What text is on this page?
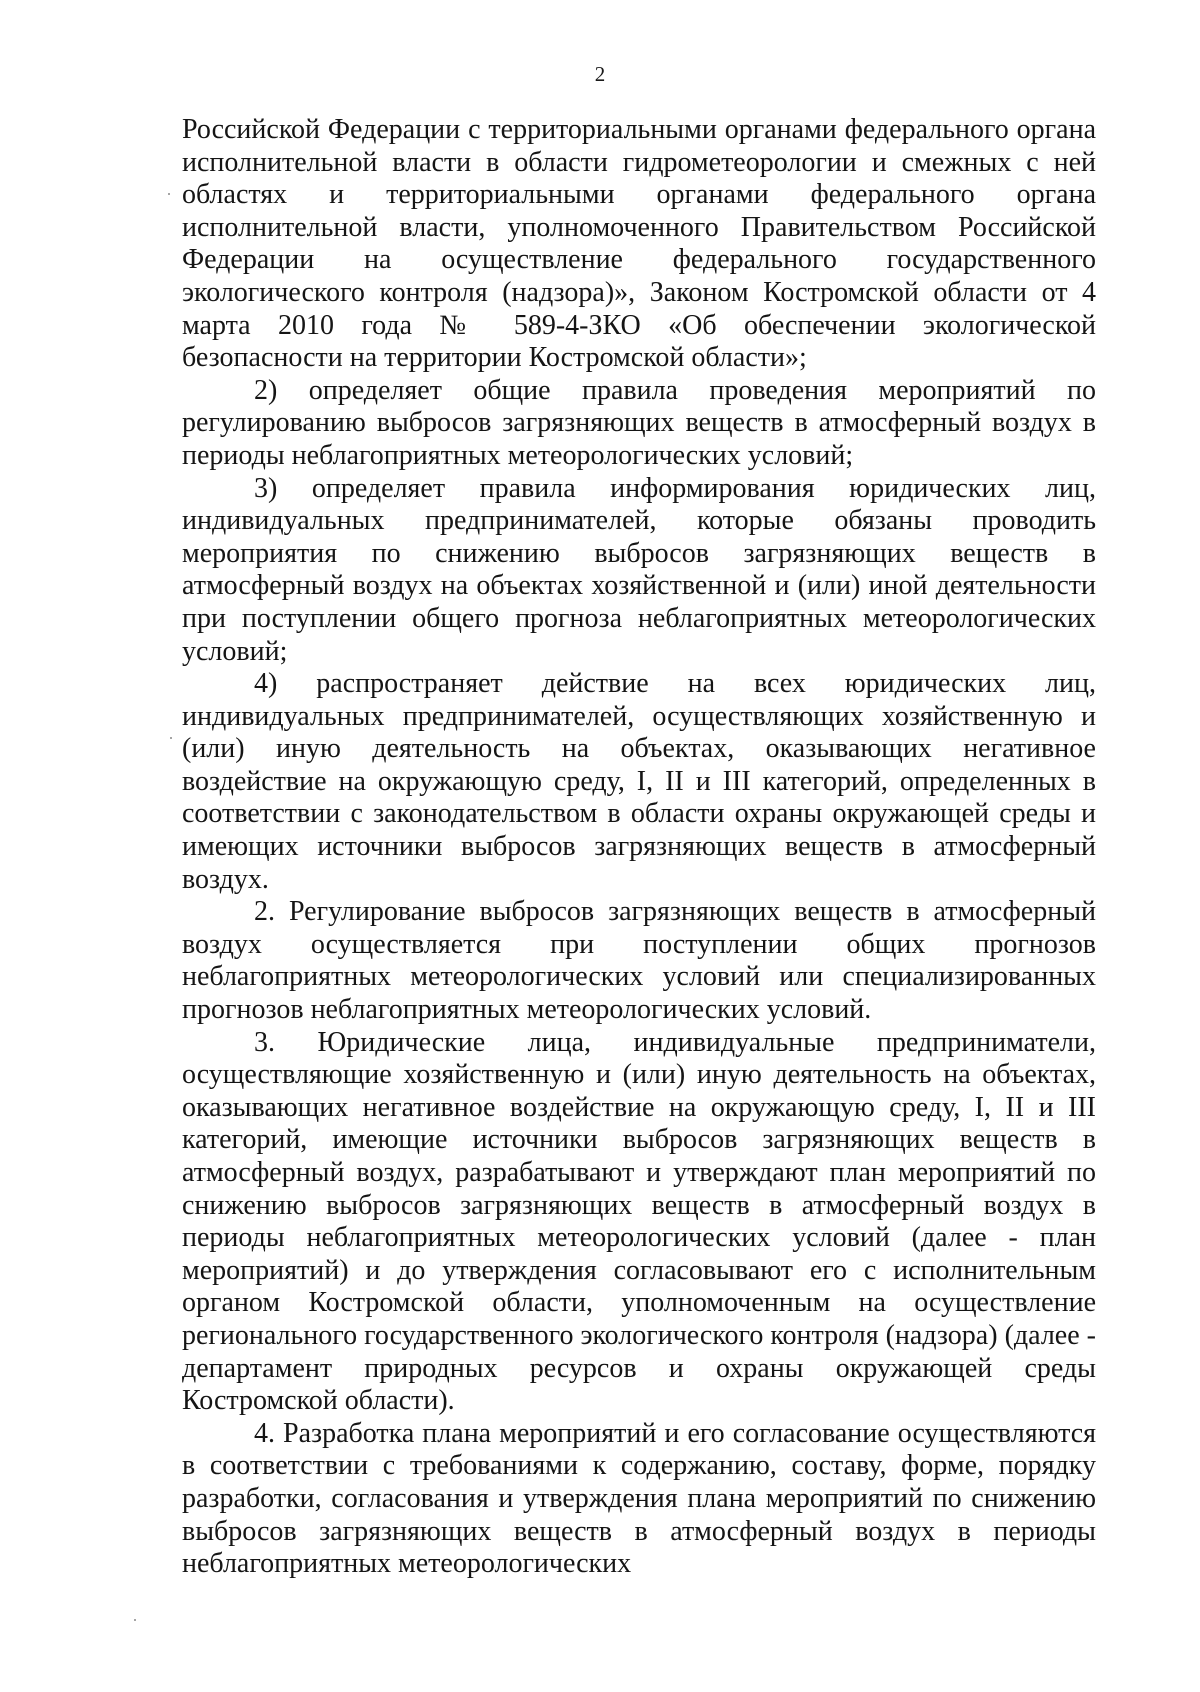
2

Российской Федерации с территориальными органами федерального органа исполнительной власти в области гидрометеорологии и смежных с ней областях и территориальными органами федерального органа исполнительной власти, уполномоченного Правительством Российской Федерации на осуществление федерального государственного экологического контроля (надзора)», Законом Костромской области от 4 марта 2010 года № 589-4-ЗКО «Об обеспечении экологической безопасности на территории Костромской области»;

2) определяет общие правила проведения мероприятий по регулированию выбросов загрязняющих веществ в атмосферный воздух в периоды неблагоприятных метеорологических условий;

3) определяет правила информирования юридических лиц, индивидуальных предпринимателей, которые обязаны проводить мероприятия по снижению выбросов загрязняющих веществ в атмосферный воздух на объектах хозяйственной и (или) иной деятельности при поступлении общего прогноза неблагоприятных метеорологических условий;

4) распространяет действие на всех юридических лиц, индивидуальных предпринимателей, осуществляющих хозяйственную и (или) иную деятельность на объектах, оказывающих негативное воздействие на окружающую среду, I, II и III категорий, определенных в соответствии с законодательством в области охраны окружающей среды и имеющих источники выбросов загрязняющих веществ в атмосферный воздух.

2. Регулирование выбросов загрязняющих веществ в атмосферный воздух осуществляется при поступлении общих прогнозов неблагоприятных метеорологических условий или специализированных прогнозов неблагоприятных метеорологических условий.

3. Юридические лица, индивидуальные предприниматели, осуществляющие хозяйственную и (или) иную деятельность на объектах, оказывающих негативное воздействие на окружающую среду, I, II и III категорий, имеющие источники выбросов загрязняющих веществ в атмосферный воздух, разрабатывают и утверждают план мероприятий по снижению выбросов загрязняющих веществ в атмосферный воздух в периоды неблагоприятных метеорологических условий (далее - план мероприятий) и до утверждения согласовывают его с исполнительным органом Костромской области, уполномоченным на осуществление регионального государственного экологического контроля (надзора) (далее - департамент природных ресурсов и охраны окружающей среды Костромской области).

4. Разработка плана мероприятий и его согласование осуществляются в соответствии с требованиями к содержанию, составу, форме, порядку разработки, согласования и утверждения плана мероприятий по снижению выбросов загрязняющих веществ в атмосферный воздух в периоды неблагоприятных метеорологических
